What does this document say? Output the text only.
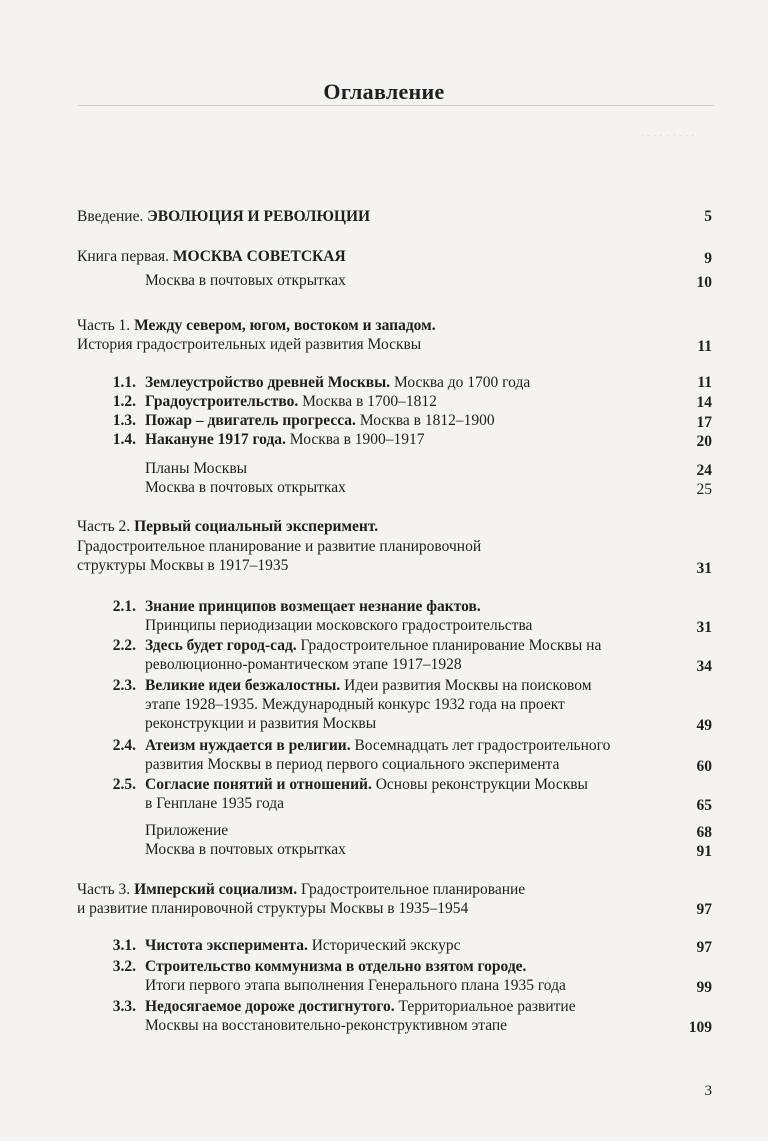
Оглавление
· · · · · · · · ·
Введение. ЭВОЛЮЦИЯ И РЕВОЛЮЦИИ	5
Книга первая. МОСКВА СОВЕТСКАЯ	9
Москва в почтовых открытках	10
Часть 1. Между севером, югом, востоком и западом.
История градостроительных идей развития Москвы	11
1.1. Землеустройство древней Москвы. Москва до 1700 года	11
1.2. Градоустроительство. Москва в 1700–1812	14
1.3. Пожар – двигатель прогресса. Москва в 1812–1900	17
1.4. Накануне 1917 года. Москва в 1900–1917	20
Планы Москвы	24
Москва в почтовых открытках	25
Часть 2. Первый социальный эксперимент.
Градостроительное планирование и развитие планировочной
структуры Москвы в 1917–1935	31
2.1. Знание принципов возмещает незнание фактов.
Принципы периодизации московского градостроительства	31
2.2. Здесь будет город-сад. Градостроительное планирование Москвы на
революционно-романтическом этапе 1917–1928	34
2.3. Великие идеи безжалостны. Идеи развития Москвы на поисковом
этапе 1928–1935. Международный конкурс 1932 года на проект
реконструкции и развития Москвы	49
2.4. Атеизм нуждается в религии. Восемнадцать лет градостроительного
развития Москвы в период первого социального эксперимента	60
2.5. Согласие понятий и отношений. Основы реконструкции Москвы
в Генплане 1935 года	65
Приложение	68
Москва в почтовых открытках	91
Часть 3. Имперский социализм. Градостроительное планирование
и развитие планировочной структуры Москвы в 1935–1954	97
3.1. Чистота эксперимента. Исторический экскурс	97
3.2. Строительство коммунизма в отдельно взятом городе.
Итоги первого этапа выполнения Генерального плана 1935 года	99
3.3. Недосягаемое дороже достигнутого. Территориальное развитие
Москвы на восстановительно-реконструктивном этапе	109
3
